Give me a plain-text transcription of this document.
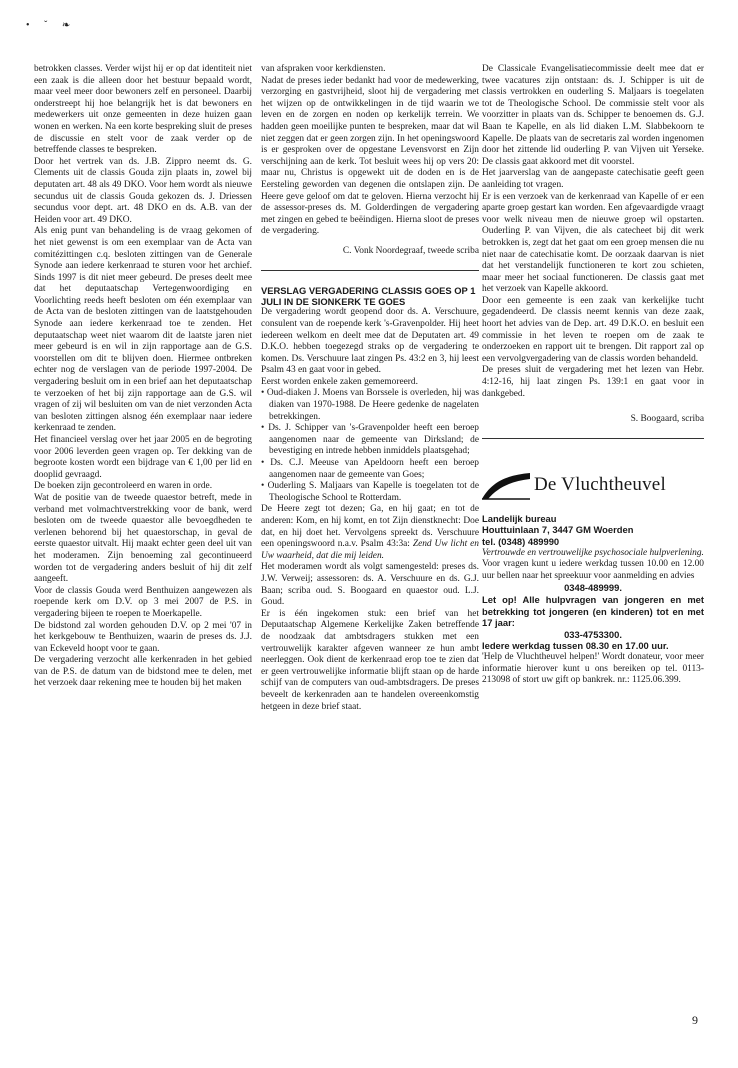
• ˇ ❧

betrokken classes. Verder wijst hij er op dat identiteit niet een zaak is die alleen door het bestuur bepaald wordt, maar veel meer door bewoners zelf en personeel. Daarbij onderstreept hij hoe belangrijk het is dat bewoners en medewerkers uit onze gemeenten in deze huizen gaan wonen en werken. Na een korte bespreking sluit de preses de discussie en stelt voor de zaak verder op de betreffende classes te bespreken.

Door het vertrek van ds. J.B. Zippro neemt ds. G. Clements uit de classis Gouda zijn plaats in, zowel bij deputaten art. 48 als 49 DKO. Voor hem wordt als nieuwe secundus uit de classis Gouda gekozen ds. J. Driessen secundus voor dept. art. 48 DKO en ds. A.B. van der Heiden voor art. 49 DKO.

Als enig punt van behandeling is de vraag gekomen of het niet gewenst is om een exemplaar van de Acta van comitézittingen c.q. besloten zittingen van de Generale Synode aan iedere kerkenraad te sturen voor het archief. Sinds 1997 is dit niet meer gebeurd. De preses deelt mee dat het deputaatschap Vertegenwoordiging en Voorlichting reeds heeft besloten om één exemplaar van de Acta van de besloten zittingen van de laatstgehouden Synode aan iedere kerkenraad toe te zenden. Het deputaatschap weet niet waarom dit de laatste jaren niet meer gebeurd is en wil in zijn rapportage aan de G.S. voorstellen om dit te blijven doen. Hiermee ontbreken echter nog de verslagen van de periode 1997-2004. De vergadering besluit om in een brief aan het deputaatschap te verzoeken of het bij zijn rapportage aan de G.S. wil vragen of zij wil besluiten om van de niet verzonden Acta van besloten zittingen alsnog één exemplaar naar iedere kerkenraad te zenden.

Het financieel verslag over het jaar 2005 en de begroting voor 2006 leverden geen vragen op. Ter dekking van de begroote kosten wordt een bijdrage van € 1,00 per lid en dooplid gevraagd.

De boeken zijn gecontroleerd en waren in orde.

Wat de positie van de tweede quaestor betreft, mede in verband met volmachtverstrekking voor de bank, werd besloten om de tweede quaestor alle bevoegdheden te verlenen behorend bij het quaestorschap, in geval de eerste quaestor uitvalt. Hij maakt echter geen deel uit van het moderamen. Zijn benoeming zal gecontinueerd worden tot de vergadering anders besluit of hij dit zelf aangeeft.

Voor de classis Gouda werd Benthuizen aangewezen als roepende kerk om D.V. op 3 mei 2007 de P.S. in vergadering bijeen te roepen te Moerkapelle.

De bidstond zal worden gehouden D.V. op 2 mei '07 in het kerkgebouw te Benthuizen, waarin de preses ds. J.J. van Eckeveld hoopt voor te gaan.

De vergadering verzocht alle kerkenraden in het gebied van de P.S. de datum van de bidstond mee te delen, met het verzoek daar rekening mee te houden bij het maken

van afspraken voor kerkdiensten.

Nadat de preses ieder bedankt had voor de medewerking, verzorging en gastvrijheid, sloot hij de vergadering met het wijzen op de ontwikkelingen in de tijd waarin we leven en de zorgen en noden op kerkelijk terrein. We hadden geen moeilijke punten te bespreken, maar dat wil niet zeggen dat er geen zorgen zijn. In het openingswoord is er gesproken over de opgestane Levensvorst en Zijn verschijning aan de kerk. Tot besluit wees hij op vers 20: maar nu, Christus is opgewekt uit de doden en is de Eersteling geworden van degenen die ontslapen zijn. De Heere geve geloof om dat te geloven. Hierna verzocht hij de assessor-preses ds. M. Golderdingen de vergadering met zingen en gebed te beëindigen. Hierna sloot de preses de vergadering.

C. Vonk Noordegraaf, tweede scriba

VERSLAG VERGADERING CLASSIS GOES OP 1 JULI IN DE SIONKERK TE GOES

De vergadering wordt geopend door ds. A. Verschuure, consulent van de roepende kerk 's-Gravenpolder. Hij heet iedereen welkom en deelt mee dat de Deputaten art. 49 D.K.O. hebben toegezegd straks op de vergadering te komen. Ds. Verschuure laat zingen Ps. 43:2 en 3, hij leest Psalm 43 en gaat voor in gebed.

Eerst worden enkele zaken gememoreerd.

• Oud-diaken J. Moens van Borssele is overleden, hij was diaken van 1970-1988. De Heere gedenke de nagelaten betrekkingen.
• Ds. J. Schipper van 's-Gravenpolder heeft een beroep aangenomen naar de gemeente van Dirksland; de bevestiging en intrede hebben inmiddels plaatsgehad;
• Ds. C.J. Meeuse van Apeldoorn heeft een beroep aangenomen naar de gemeente van Goes;
• Ouderling S. Maljaars van Kapelle is toegelaten tot de Theologische School te Rotterdam.

De Heere zegt tot dezen; Ga, en hij gaat; en tot de anderen: Kom, en hij komt, en tot Zijn dienstknecht: Doe dat, en hij doet het. Vervolgens spreekt ds. Verschuure een openingswoord n.a.v. Psalm 43:3a: Zend Uw licht en Uw waarheid, dat die mij leiden.

Het moderamen wordt als volgt samengesteld: preses ds. J.W. Verweij; assessoren: ds. A. Verschuure en ds. G.J. Baan; scriba oud. S. Boogaard en quaestor oud. L.J. Goud.

Er is één ingekomen stuk: een brief van het Deputaatschap Algemene Kerkelijke Zaken betreffende de noodzaak dat ambtsdragers stukken met een vertrouwelijk karakter afgeven wanneer ze hun ambt neerleggen. Ook dient de kerkenraad erop toe te zien dat er geen vertrouwelijke informatie blijft staan op de harde schijf van de computers van oud-ambtsdragers. De preses beveelt de kerkenraden aan te handelen overeenkomstig hetgeen in deze brief staat.

De Classicale Evangelisatiecommissie deelt mee dat er twee vacatures zijn ontstaan: ds. J. Schipper is uit de classis vertrokken en ouderling S. Maljaars is toegelaten tot de Theologische School. De commissie stelt voor als voorzitter in plaats van ds. Schipper te benoemen ds. G.J. Baan te Kapelle, en als lid diaken L.M. Slabbekoorn te Kapelle. De plaats van de secretaris zal worden ingenomen door het zittende lid ouderling P. van Vijven uit Yerseke. De classis gaat akkoord met dit voorstel.

Het jaarverslag van de aangepaste catechisatie geeft geen aanleiding tot vragen.

Er is een verzoek van de kerkenraad van Kapelle of er een aparte groep gestart kan worden. Een afgevaardigde vraagt voor welk niveau men de nieuwe groep wil opstarten. Ouderling P. van Vijven, die als catecheet bij dit werk betrokken is, zegt dat het gaat om een groep mensen die nu niet naar de catechisatie komt. De oorzaak daarvan is niet dat het verstandelijk functioneren te kort zou schieten, maar meer het sociaal functioneren. De classis gaat met het verzoek van Kapelle akkoord.

Door een gemeente is een zaak van kerkelijke tucht gegadendeerd. De classis neemt kennis van deze zaak, hoort het advies van de Dep. art. 49 D.K.O. en besluit een commissie in het leven te roepen om de zaak te onderzoeken en rapport uit te brengen. Dit rapport zal op een vervolgvergadering van de classis worden behandeld.

De preses sluit de vergadering met het lezen van Hebr. 4:12-16, hij laat zingen Ps. 139:1 en gaat voor in dankgebed.

S. Boogaard, scriba

De Vluchtheuvel

Landelijk bureau

Houttuinlaan 7, 3447 GM Woerden

tel. (0348) 489990

Vertrouwde en vertrouwelijke psychosociale hulpverlening.

Voor vragen kunt u iedere werkdag tussen 10.00 en 12.00 uur bellen naar het spreekuur voor aanmelding en advies

0348-489999.

Let op! Alle hulpvragen van jongeren en met betrekking tot jongeren (en kinderen) tot en met 17 jaar:

033-4753300.

Iedere werkdag tussen 08.30 en 17.00 uur.

'Help de Vluchtheuvel helpen!' Wordt donateur, voor meer informatie hierover kunt u ons bereiken op tel. 0113-213098 of stort uw gift op bankrek. nr.: 1125.06.399.

9
